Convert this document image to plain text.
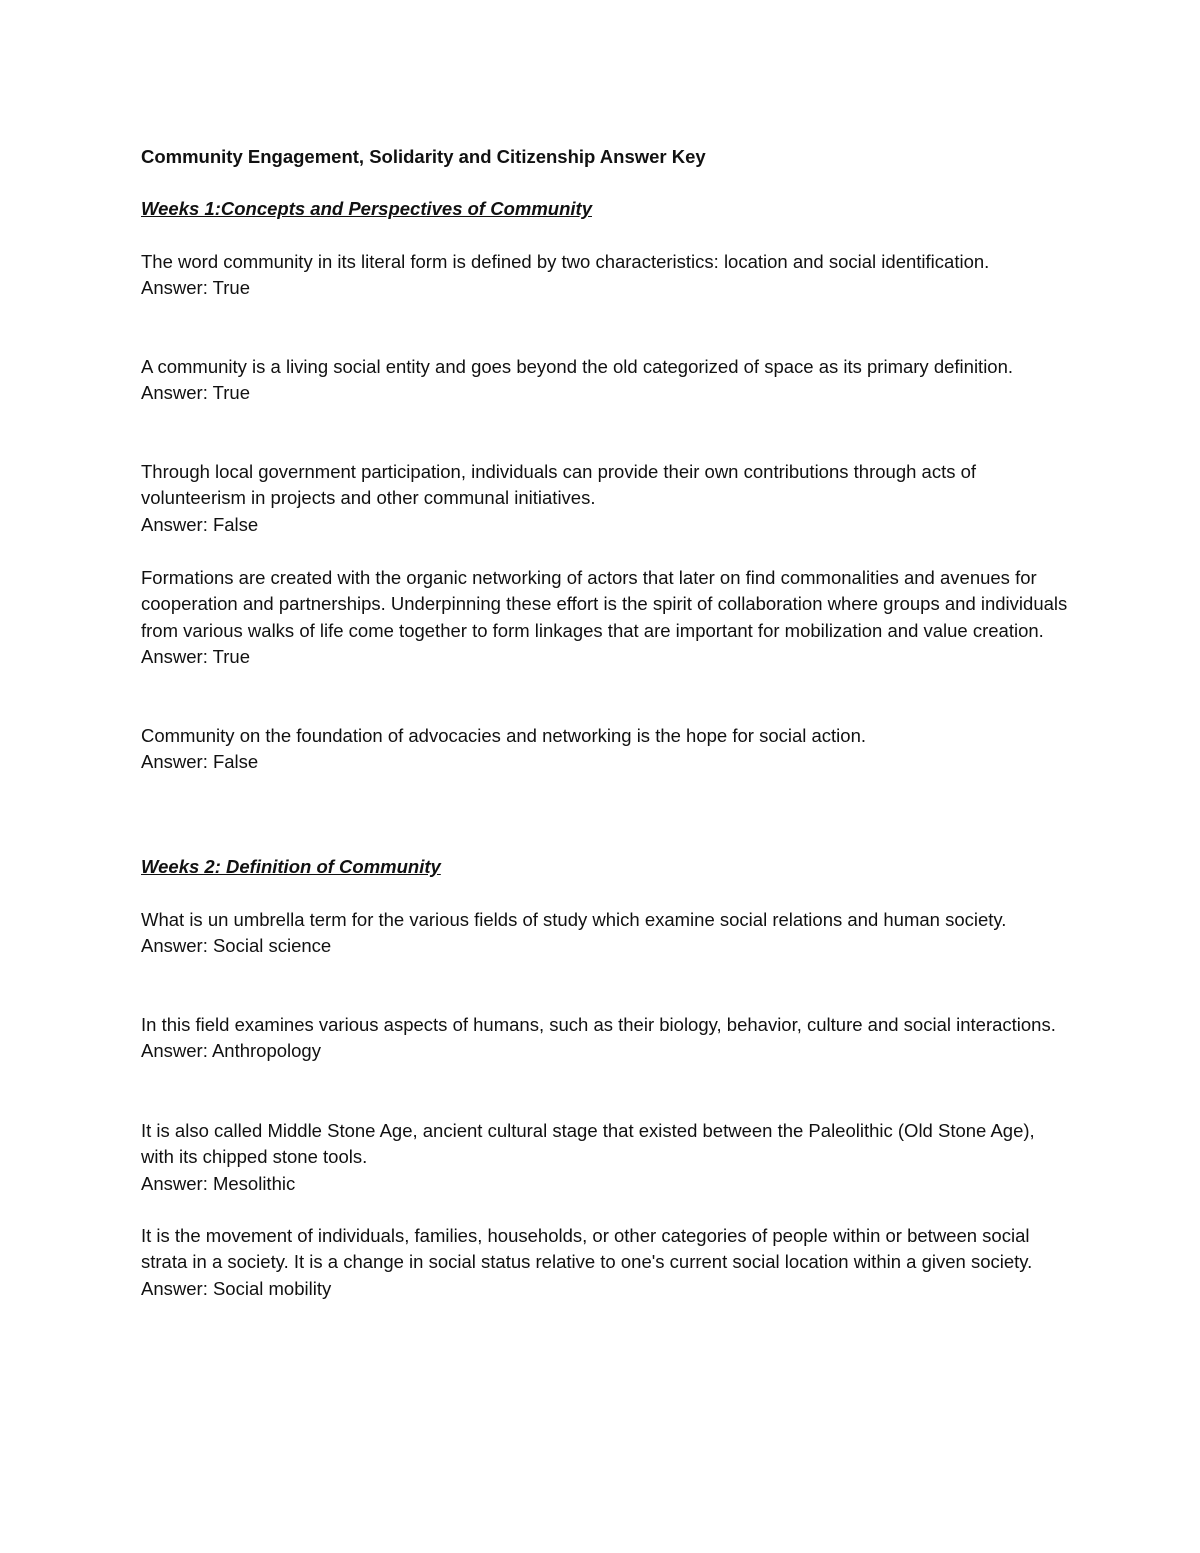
Community Engagement, Solidarity and Citizenship Answer Key
Weeks 1:Concepts and Perspectives of Community

The word community in its literal form is defined by two characteristics: location and social identification.

Answer: True

A community is a living social entity and goes beyond the old categorized of space as its primary definition.

Answer: True

Through local government participation, individuals can provide their own contributions through acts of volunteerism in projects and other communal initiatives.

Answer: False

Formations are created with the organic networking of actors that later on find commonalities and avenues for cooperation and partnerships. Underpinning these effort is the spirit of collaboration where groups and individuals from various walks of life come together to form linkages that are important for mobilization and value creation.

Answer: True

Community on the foundation of advocacies and networking is the hope for social action.

Answer: False

Weeks 2: Definition of Community

What is un umbrella term for the various fields of study which examine social relations and human society.

Answer: Social science

In this field examines various aspects of humans, such as their biology, behavior, culture and social interactions.

Answer: Anthropology

It is also called Middle Stone Age, ancient cultural stage that existed between the Paleolithic (Old Stone Age), with its chipped stone tools.

Answer: Mesolithic

It is the movement of individuals, families, households, or other categories of people within or between social strata in a society. It is a change in social status relative to one's current social location within a given society.

Answer: Social mobility
